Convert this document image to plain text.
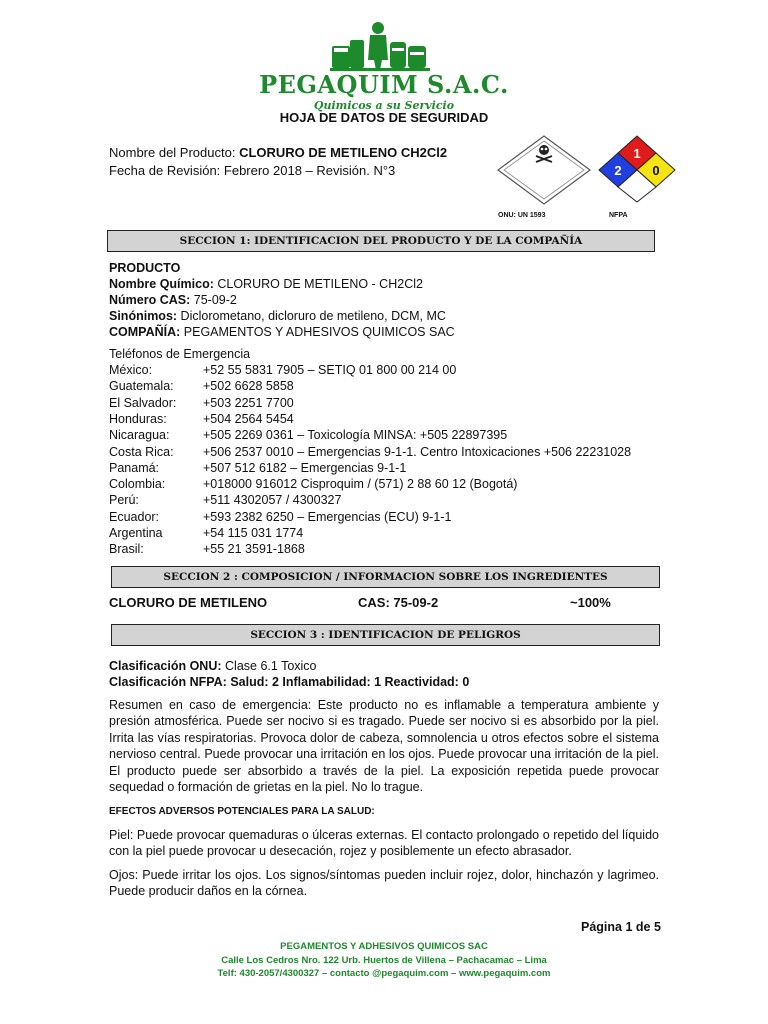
PEGAQUIM S.A.C.
Quimicos a su Servicio
HOJA DE DATOS DE SEGURIDAD
Nombre del Producto: CLORURO DE METILENO CH2Cl2
Fecha de Revisión: Febrero 2018 – Revisión. N°3
ONU: UN 1593
1
2 0
NFPA
SECCION 1: IDENTIFICACION DEL PRODUCTO Y DE LA COMPAÑÍA
PRODUCTO
Nombre Químico: CLORURO DE METILENO - CH2Cl2
Número CAS: 75-09-2
Sinónimos: Diclorometano, dicloruro de metileno, DCM, MC
COMPAÑÍA: PEGAMENTOS Y ADHESIVOS QUIMICOS SAC
Teléfonos de Emergencia
México:	+52 55 5831 7905 – SETIQ 01 800 00 214 00
Guatemala: +502 6628 5858
El Salvador: +503 2251 7700
Honduras:	+504 2564 5454
Nicaragua:	+505 2269 0361 – Toxicología MINSA: +505 22897395
Costa Rica: +506 2537 0010 – Emergencias 9-1-1. Centro Intoxicaciones +506 22231028
Panamá:	+507 512 6182 – Emergencias 9-1-1
Colombia:	+018000 916012 Cisproquim / (571) 2 88 60 12 (Bogotá)
Perú:	+511 4302057 / 4300327
Ecuador:	+593 2382 6250 – Emergencias (ECU) 9-1-1
Argentina	+54 115 031 1774
Brasil:	+55 21 3591-1868
SECCION 2 : COMPOSICION / INFORMACION SOBRE LOS INGREDIENTES
CLORURO DE METILENO	CAS: 75-09-2	~100%
SECCION 3 : IDENTIFICACION DE PELIGROS
Clasificación ONU: Clase 6.1 Toxico
Clasificación NFPA: Salud: 2 Inflamabilidad: 1 Reactividad: 0
Resumen en caso de emergencia: Este producto no es inflamable a temperatura ambiente y presión atmosférica. Puede ser nocivo si es tragado. Puede ser nocivo si es absorbido por la piel. Irrita las vías respiratorias. Provoca dolor de cabeza, somnolencia u otros efectos sobre el sistema nervioso central. Puede provocar una irritación en los ojos. Puede provocar una irritación de la piel. El producto puede ser absorbido a través de la piel. La exposición repetida puede provocar sequedad o formación de grietas en la piel. No lo trague.
EFECTOS ADVERSOS POTENCIALES PARA LA SALUD:
Piel: Puede provocar quemaduras o úlceras externas. El contacto prolongado o repetido del líquido con la piel puede provocar u desecación, rojez y posiblemente un efecto abrasador.
Ojos: Puede irritar los ojos. Los signos/síntomas pueden incluir rojez, dolor, hinchazón y lagrimeo. Puede producir daños en la córnea.
Página 1 de 5
PEGAMENTOS Y ADHESIVOS QUIMICOS SAC
Calle Los Cedros Nro. 122 Urb. Huertos de Villena – Pachacamac – Lima
Telf: 430-2057/4300327 – contacto @pegaquim.com – www.pegaquim.com
